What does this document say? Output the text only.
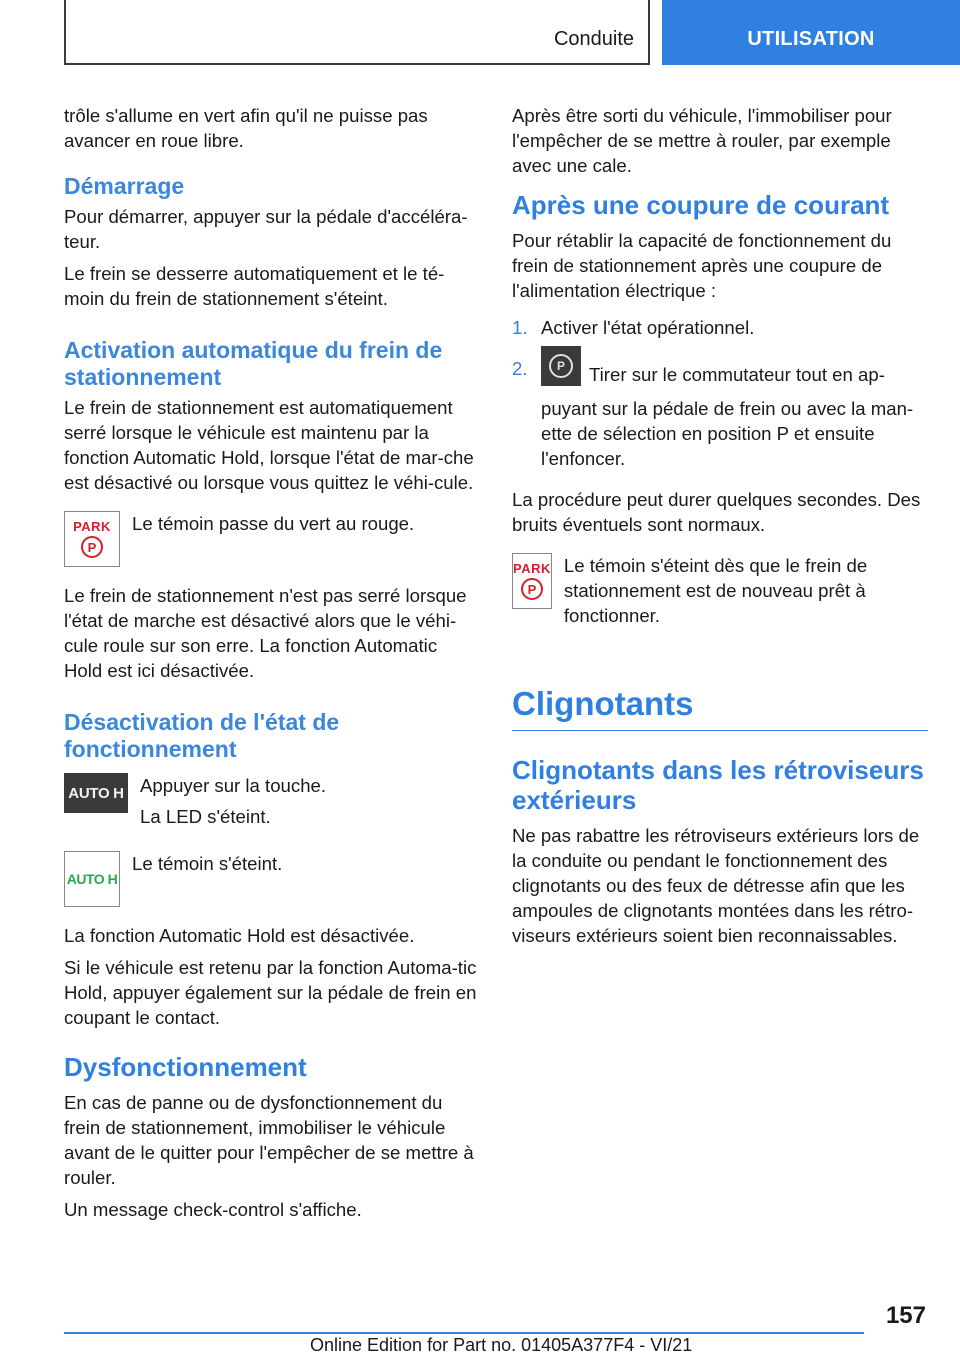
Conduite	UTILISATION

trôle s'allume en vert afin qu'il ne puisse pas avancer en roue libre.

Démarrage

Pour démarrer, appuyer sur la pédale d'accéléra-teur.

Le frein se desserre automatiquement et le té-moin du frein de stationnement s'éteint.

Activation automatique du frein de stationnement

Le frein de stationnement est automatiquement serré lorsque le véhicule est maintenu par la fonction Automatic Hold, lorsque l'état de mar-che est désactivé ou lorsque vous quittez le véhi-cule.

PARK
P

Le témoin passe du vert au rouge.

Le frein de stationnement n'est pas serré lorsque l'état de marche est désactivé alors que le véhi-cule roule sur son erre. La fonction Automatic Hold est ici désactivée.

Désactivation de l'état de fonctionnement
AUTO H Appuyer sur la touche.

La LED s'éteint.

AUTO H

Le témoin s'éteint.

La fonction Automatic Hold est désactivée.

Si le véhicule est retenu par la fonction Automa-tic Hold, appuyer également sur la pédale de frein en coupant le contact.

Dysfonctionnement

En cas de panne ou de dysfonctionnement du frein de stationnement, immobiliser le véhicule avant de le quitter pour l'empêcher de se mettre à rouler.

Un message check-control s'affiche.

Après être sorti du véhicule, l'immobiliser pour l'empêcher de se mettre à rouler, par exemple avec une cale.

Après une coupure de courant

Pour rétablir la capacité de fonctionnement du frein de stationnement après une coupure de l'alimentation électrique :

1. Activer l'état opérationnel.
2.	P	Tirer sur le commutateur tout en ap-puyant sur la pédale de frein ou avec la man-ette de sélection en position P et ensuite l'enfoncer.

La procédure peut durer quelques secondes. Des bruits éventuels sont normaux.

PARK
P

Le témoin s'éteint dès que le frein de stationnement est de nouveau prêt à fonctionner.

Clignotants
Clignotants dans les rétroviseurs extérieurs

Ne pas rabattre les rétroviseurs extérieurs lors de la conduite ou pendant le fonctionnement des clignotants ou des feux de détresse afin que les ampoules de clignotants montées dans les rétro-viseurs extérieurs soient bien reconnaissables.

157
Online Edition for Part no. 01405A377F4 - VI/21
